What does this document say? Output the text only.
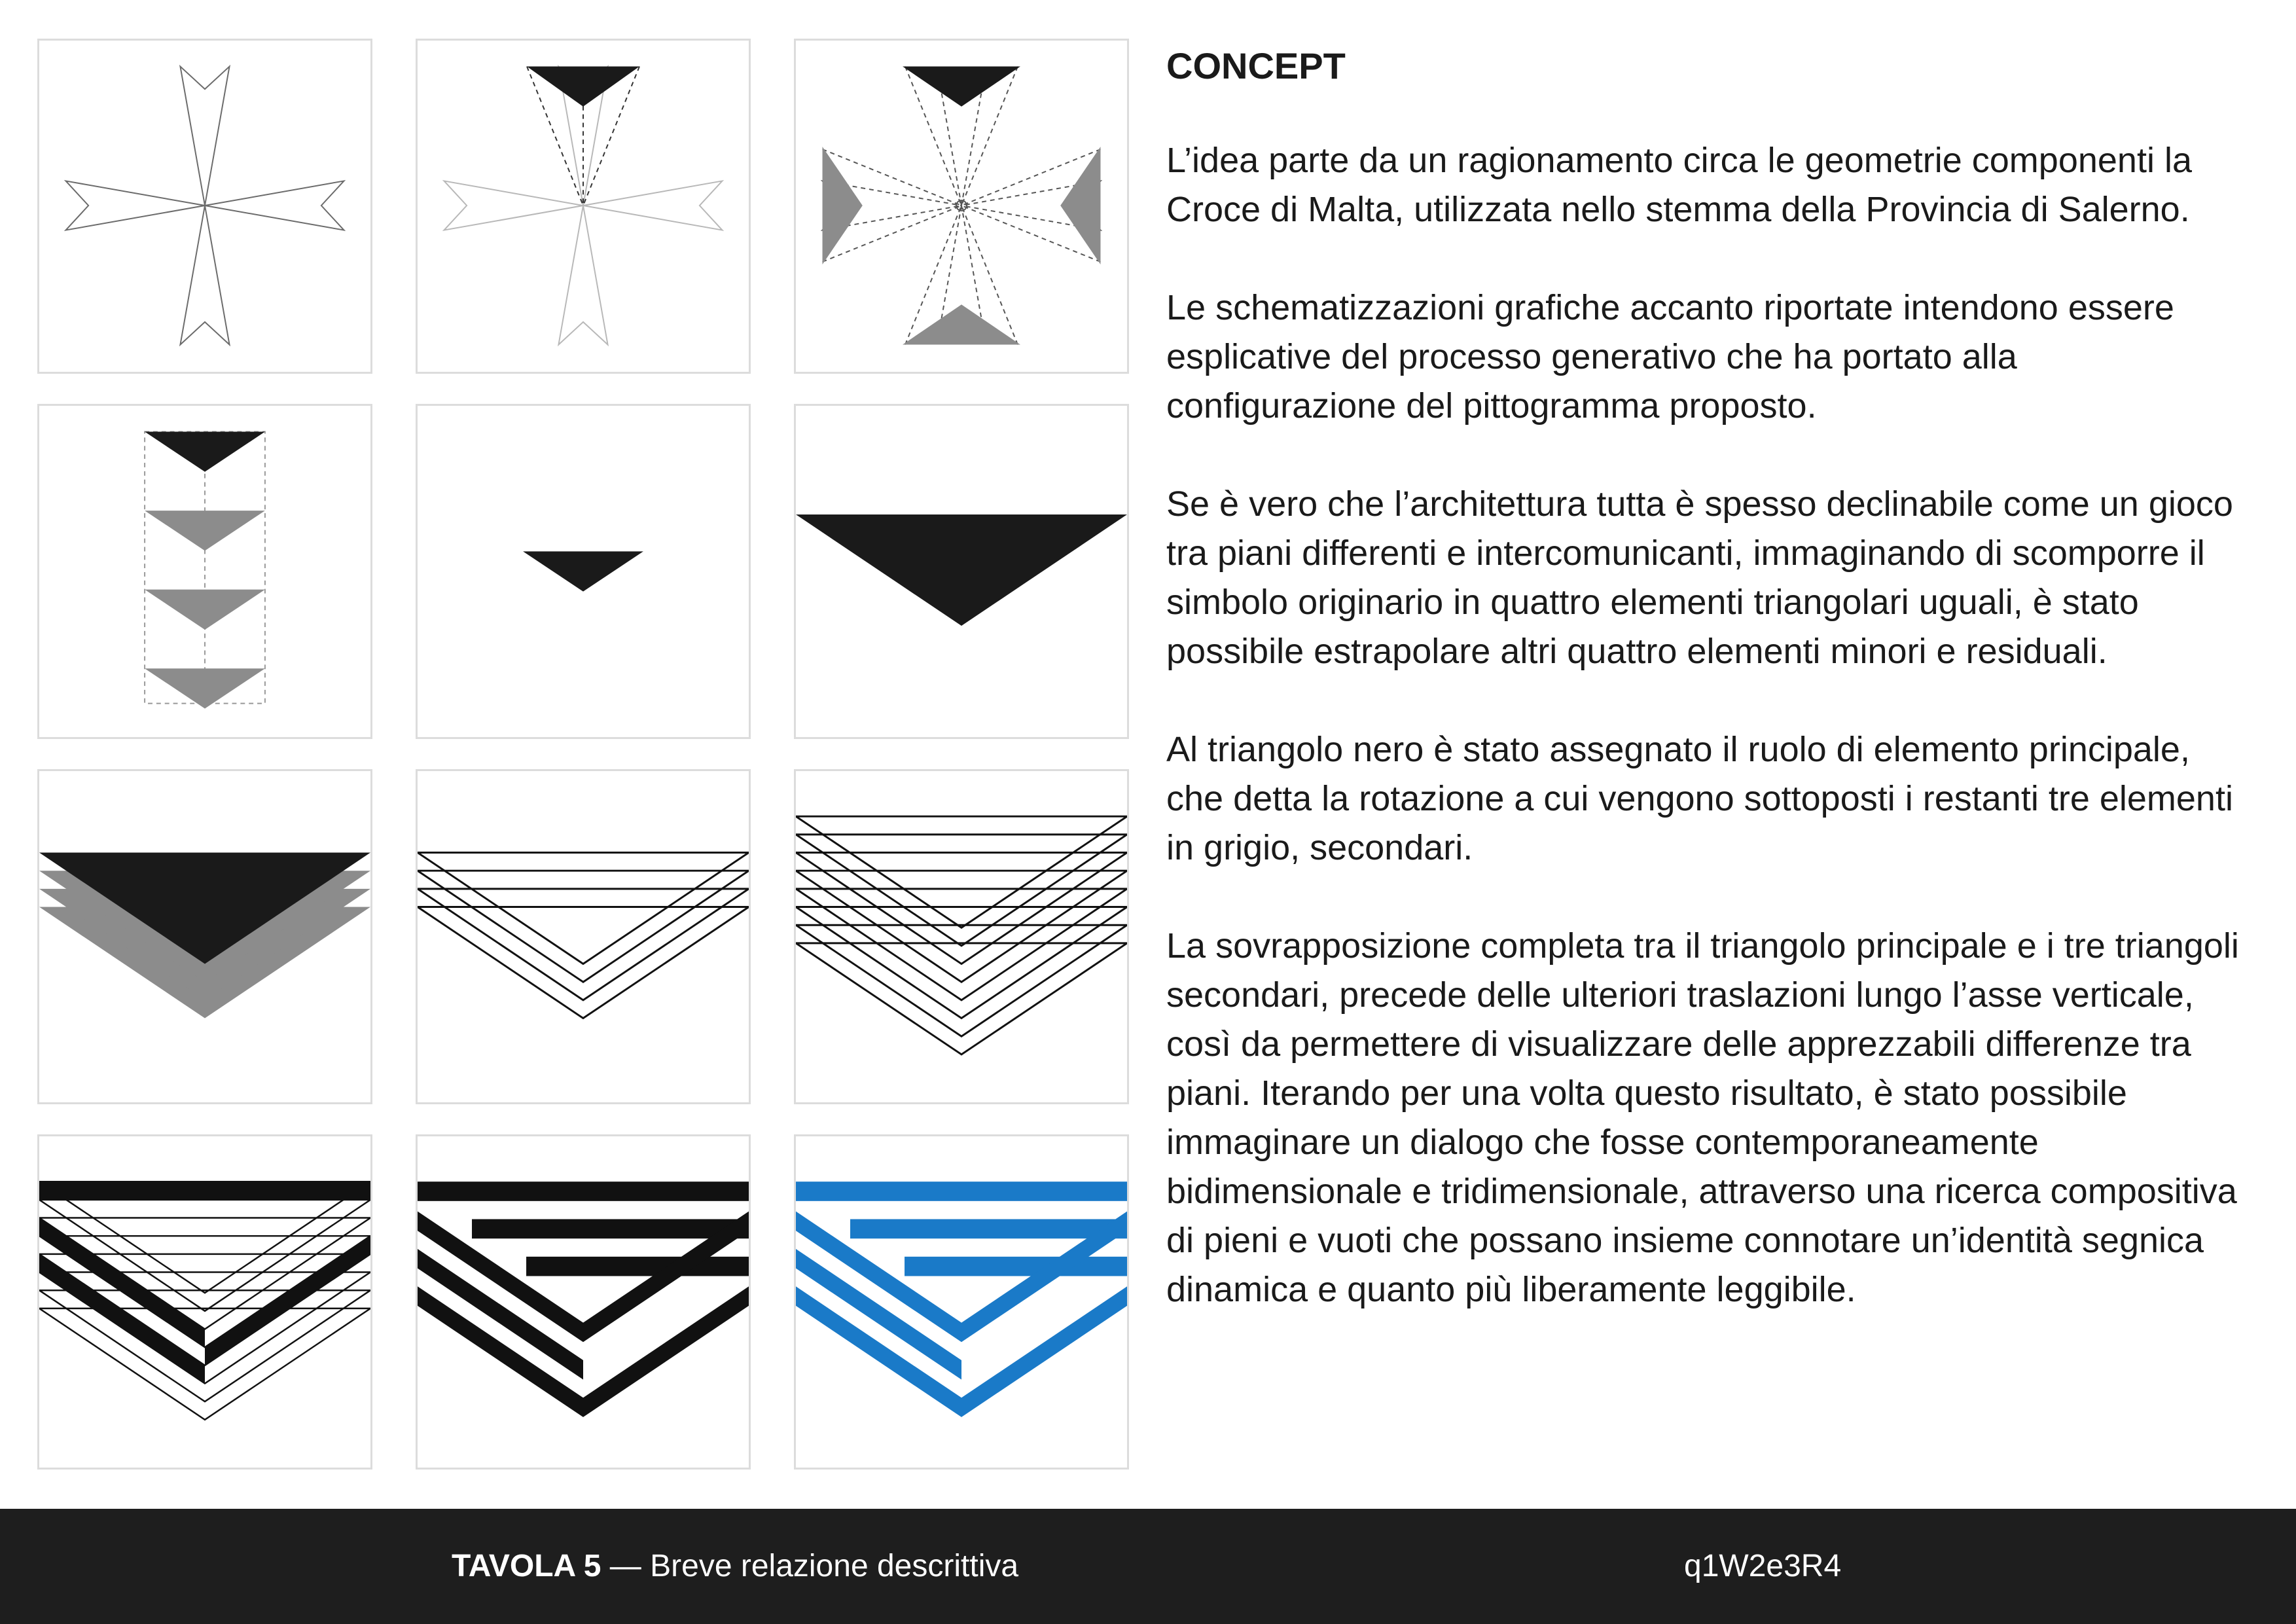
CONCEPT

L’idea parte da un ragionamento circa le geometrie componenti la Croce di Malta, utilizzata nello stemma della Provincia di Salerno.

Le schematizzazioni grafiche accanto riportate intendono essere esplicative del processo generativo che ha portato alla configurazione del pittogramma proposto.

Se è vero che l’architettura tutta è spesso declinabile come un gioco tra piani differenti e intercomunicanti, immaginando di scomporre il simbolo originario in quattro elementi triangolari uguali, è stato possibile estrapolare altri quattro elementi minori e residuali.

Al triangolo nero è stato assegnato il ruolo di elemento principale, che detta la rotazione a cui vengono sottoposti i restanti tre elementi in grigio, secondari.

La sovrapposizione completa tra il triangolo principale e i tre triangoli secondari, precede delle ulteriori traslazioni lungo l’asse verticale, così da permettere di visualizzare delle apprezzabili differenze tra piani. Iterando per una volta questo risultato, è stato possibile immaginare un dialogo che fosse contemporaneamente bidimensionale e tridimensionale, attraverso una ricerca compositiva di pieni e vuoti che possano insieme connotare un’identità segnica dinamica e quanto più liberamente leggibile.

TAVOLA 5 — Breve relazione descrittiva	q1W2e3R4
